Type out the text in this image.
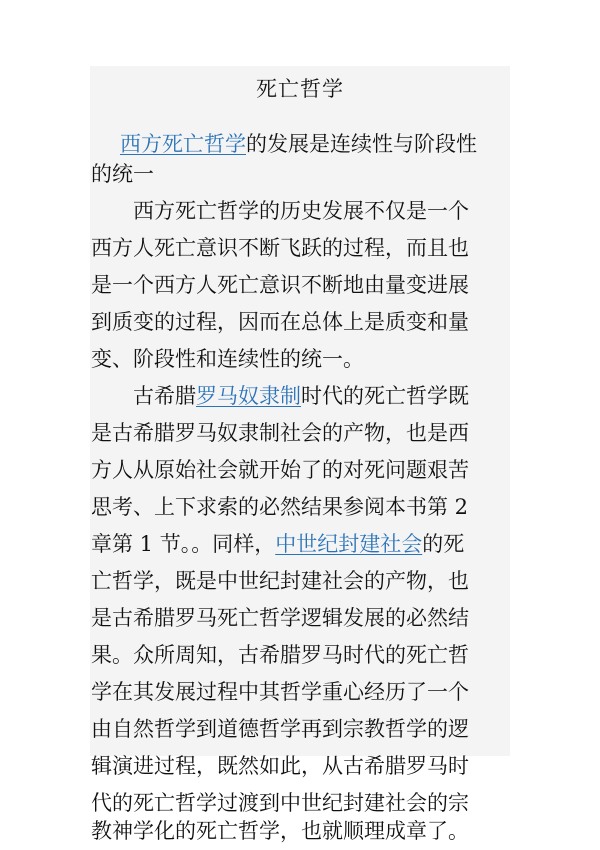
死亡哲学
西方死亡哲学的发展是连续性与阶段性
的统一
　　西方死亡哲学的历史发展不仅是一个
西方人死亡意识不断飞跃的过程，而且也
是一个西方人死亡意识不断地由量变进展
到质变的过程，因而在总体上是质变和量
变、阶段性和连续性的统一。
　　古希腊罗马奴隶制时代的死亡哲学既
是古希腊罗马奴隶制社会的产物，也是西
方人从原始社会就开始了的对死问题艰苦
思考、上下求索的必然结果参阅本书第 2
章第 1 节。。同样，中世纪封建社会的死
亡哲学，既是中世纪封建社会的产物，也
是古希腊罗马死亡哲学逻辑发展的必然结
果。众所周知，古希腊罗马时代的死亡哲
学在其发展过程中其哲学重心经历了一个
由自然哲学到道德哲学再到宗教哲学的逻
辑演进过程，既然如此，从古希腊罗马时
代的死亡哲学过渡到中世纪封建社会的宗
教神学化的死亡哲学，也就顺理成章了。
